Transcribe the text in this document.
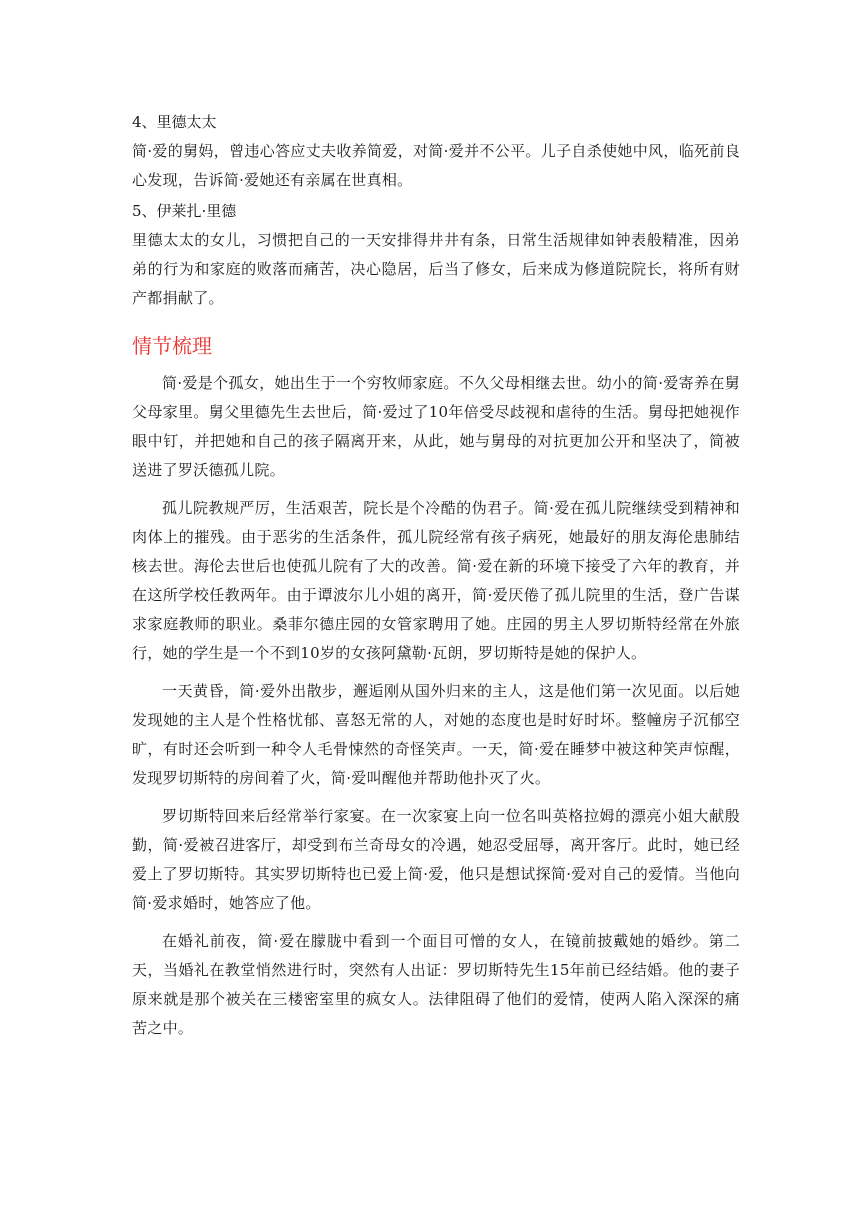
4、里德太太

简·爱的舅妈，曾违心答应丈夫收养简爱，对简·爱并不公平。儿子自杀使她中风，临死前良心发现，告诉简·爱她还有亲属在世真相。

5、伊莱扎·里德

里德太太的女儿，习惯把自己的一天安排得井井有条，日常生活规律如钟表般精准，因弟弟的行为和家庭的败落而痛苦，决心隐居，后当了修女，后来成为修道院院长，将所有财产都捐献了。

情节梳理

简·爱是个孤女，她出生于一个穷牧师家庭。不久父母相继去世。幼小的简·爱寄养在舅父母家里。舅父里德先生去世后，简·爱过了10年倍受尽歧视和虐待的生活。舅母把她视作眼中钉，并把她和自己的孩子隔离开来，从此，她与舅母的对抗更加公开和坚决了，简被送进了罗沃德孤儿院。

孤儿院教规严厉，生活艰苦，院长是个冷酷的伪君子。简·爱在孤儿院继续受到精神和肉体上的摧残。由于恶劣的生活条件，孤儿院经常有孩子病死，她最好的朋友海伦患肺结核去世。海伦去世后也使孤儿院有了大的改善。简·爱在新的环境下接受了六年的教育，并在这所学校任教两年。由于谭波尔儿小姐的离开，简·爱厌倦了孤儿院里的生活，登广告谋求家庭教师的职业。桑菲尔德庄园的女管家聘用了她。庄园的男主人罗切斯特经常在外旅行，她的学生是一个不到10岁的女孩阿黛勒·瓦朗，罗切斯特是她的保护人。

一天黄昏，简·爱外出散步，邂逅刚从国外归来的主人，这是他们第一次见面。以后她发现她的主人是个性格忧郁、喜怒无常的人，对她的态度也是时好时坏。整幢房子沉郁空旷，有时还会听到一种令人毛骨悚然的奇怪笑声。一天，简·爱在睡梦中被这种笑声惊醒，发现罗切斯特的房间着了火，简·爱叫醒他并帮助他扑灭了火。

罗切斯特回来后经常举行家宴。在一次家宴上向一位名叫英格拉姆的漂亮小姐大献殷勤，简·爱被召进客厅，却受到布兰奇母女的冷遇，她忍受屈辱，离开客厅。此时，她已经爱上了罗切斯特。其实罗切斯特也已爱上简·爱，他只是想试探简·爱对自己的爱情。当他向简·爱求婚时，她答应了他。

在婚礼前夜，简·爱在朦胧中看到一个面目可憎的女人，在镜前披戴她的婚纱。第二天，当婚礼在教堂悄然进行时，突然有人出证：罗切斯特先生15年前已经结婚。他的妻子原来就是那个被关在三楼密室里的疯女人。法律阻碍了他们的爱情，使两人陷入深深的痛苦之中。
